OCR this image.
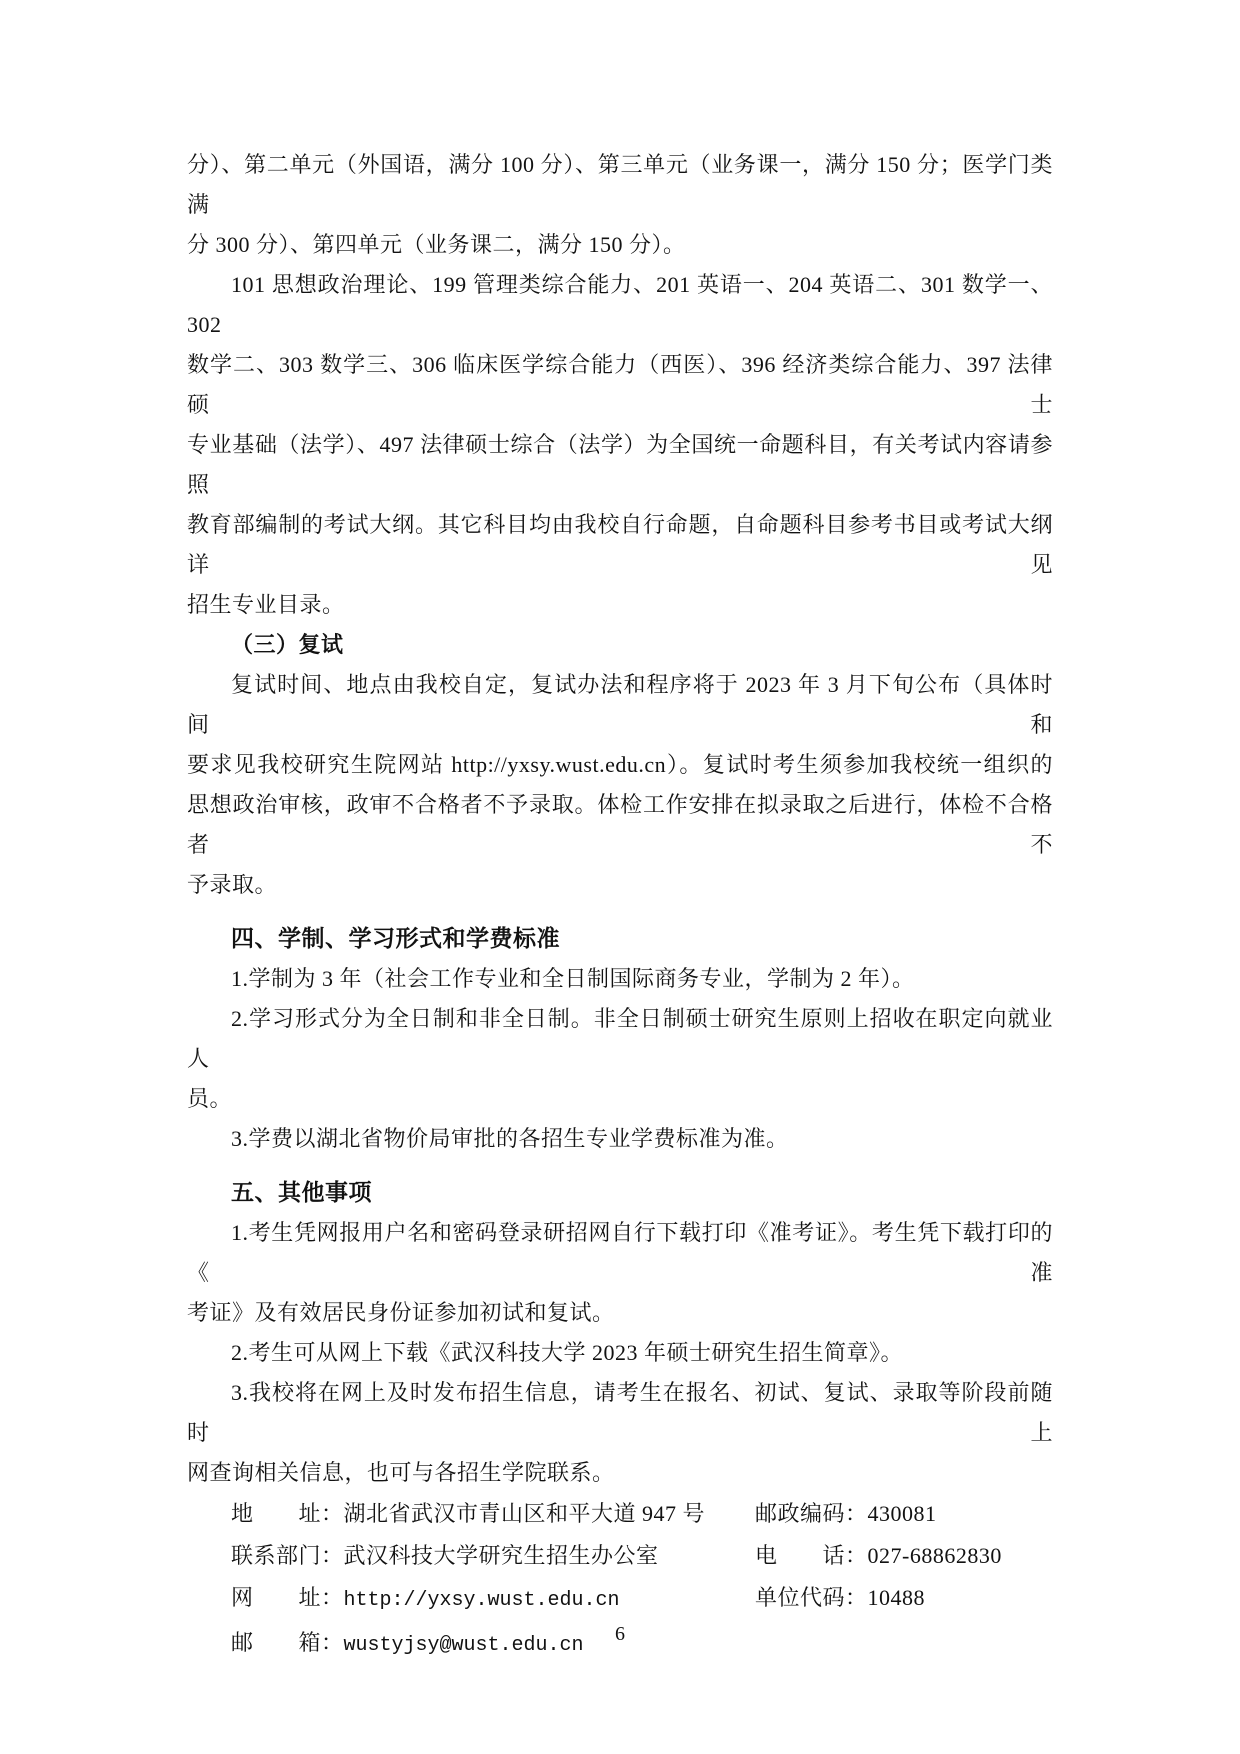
分）、第二单元（外国语，满分 100 分）、第三单元（业务课一，满分 150 分；医学门类满
分 300 分）、第四单元（业务课二，满分 150 分）。
101 思想政治理论、199 管理类综合能力、201 英语一、204 英语二、301 数学一、302
数学二、303 数学三、306 临床医学综合能力（西医）、396 经济类综合能力、397 法律硕士
专业基础（法学）、497 法律硕士综合（法学）为全国统一命题科目，有关考试内容请参照
教育部编制的考试大纲。其它科目均由我校自行命题，自命题科目参考书目或考试大纲详见
招生专业目录。
（三）复试
复试时间、地点由我校自定，复试办法和程序将于 2023 年 3 月下旬公布（具体时间和
要求见我校研究生院网站 http://yxsy.wust.edu.cn）。复试时考生须参加我校统一组织的
思想政治审核，政审不合格者不予录取。体检工作安排在拟录取之后进行，体检不合格者不
予录取。
四、学制、学习形式和学费标准
1.学制为 3 年（社会工作专业和全日制国际商务专业，学制为 2 年）。
2.学习形式分为全日制和非全日制。非全日制硕士研究生原则上招收在职定向就业人
员。
3.学费以湖北省物价局审批的各招生专业学费标准为准。
五、其他事项
1.考生凭网报用户名和密码登录研招网自行下载打印《准考证》。考生凭下载打印的《准
考证》及有效居民身份证参加初试和复试。
2.考生可从网上下载《武汉科技大学 2023 年硕士研究生招生简章》。
3.我校将在网上及时发布招生信息，请考生在报名、初试、复试、录取等阶段前随时上
网查询相关信息，也可与各招生学院联系。
地　　址：湖北省武汉市青山区和平大道 947 号 邮政编码：430081
联系部门：武汉科技大学研究生招生办公室	电　　话：027-68862830
网　　址：http://yxsy.wust.edu.cn	单位代码：10488
邮　　箱：wustyjsy@wust.edu.cn	6
